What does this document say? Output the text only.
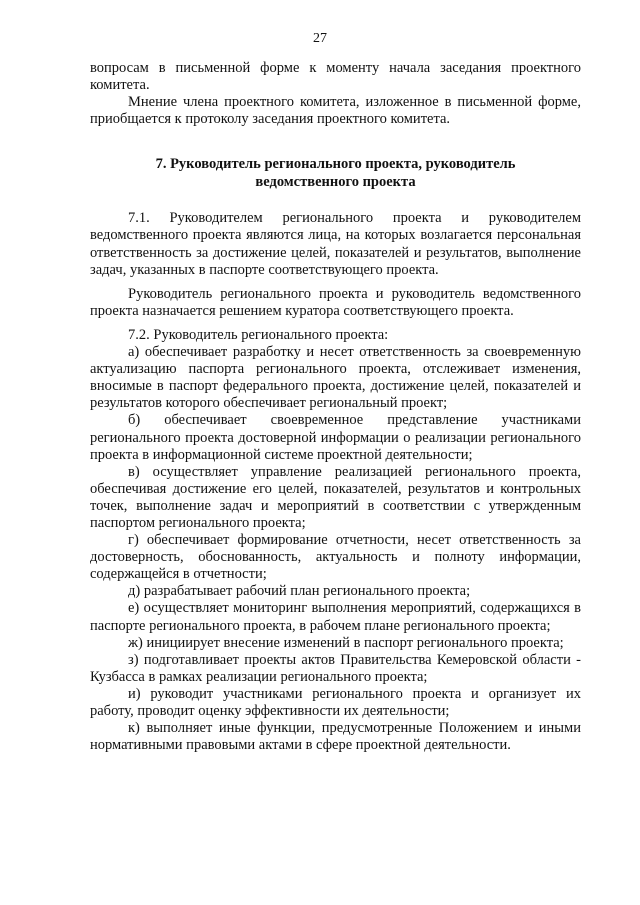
27

вопросам в письменной форме к моменту начала заседания проектного комитета.

Мнение члена проектного комитета, изложенное в письменной форме, приобщается к протоколу заседания проектного комитета.

7. Руководитель регионального проекта, руководитель
ведомственного проекта

7.1. Руководителем регионального проекта и руководителем ведомственного проекта являются лица, на которых возлагается персональная ответственность за достижение целей, показателей и результатов, выполнение задач, указанных в паспорте соответствующего проекта.

Руководитель регионального проекта и руководитель ведомственного проекта назначается решением куратора соответствующего проекта.

7.2. Руководитель регионального проекта:

а) обеспечивает разработку и несет ответственность за своевременную актуализацию паспорта регионального проекта, отслеживает изменения, вносимые в паспорт федерального проекта, достижение целей, показателей и результатов которого обеспечивает региональный проект;

б) обеспечивает своевременное представление участниками регионального проекта достоверной информации о реализации регионального проекта в информационной системе проектной деятельности;

в) осуществляет управление реализацией регионального проекта, обеспечивая достижение его целей, показателей, результатов и контрольных точек, выполнение задач и мероприятий в соответствии с утвержденным паспортом регионального проекта;

г) обеспечивает формирование отчетности, несет ответственность за достоверность, обоснованность, актуальность и полноту информации, содержащейся в отчетности;

д) разрабатывает рабочий план регионального проекта;

е) осуществляет мониторинг выполнения мероприятий, содержащихся в паспорте регионального проекта, в рабочем плане регионального проекта;

ж) инициирует внесение изменений в паспорт регионального проекта;

з) подготавливает проекты актов Правительства Кемеровской области - Кузбасса в рамках реализации регионального проекта;

и) руководит участниками регионального проекта и организует их работу, проводит оценку эффективности их деятельности;

к) выполняет иные функции, предусмотренные Положением и иными нормативными правовыми актами в сфере проектной деятельности.
